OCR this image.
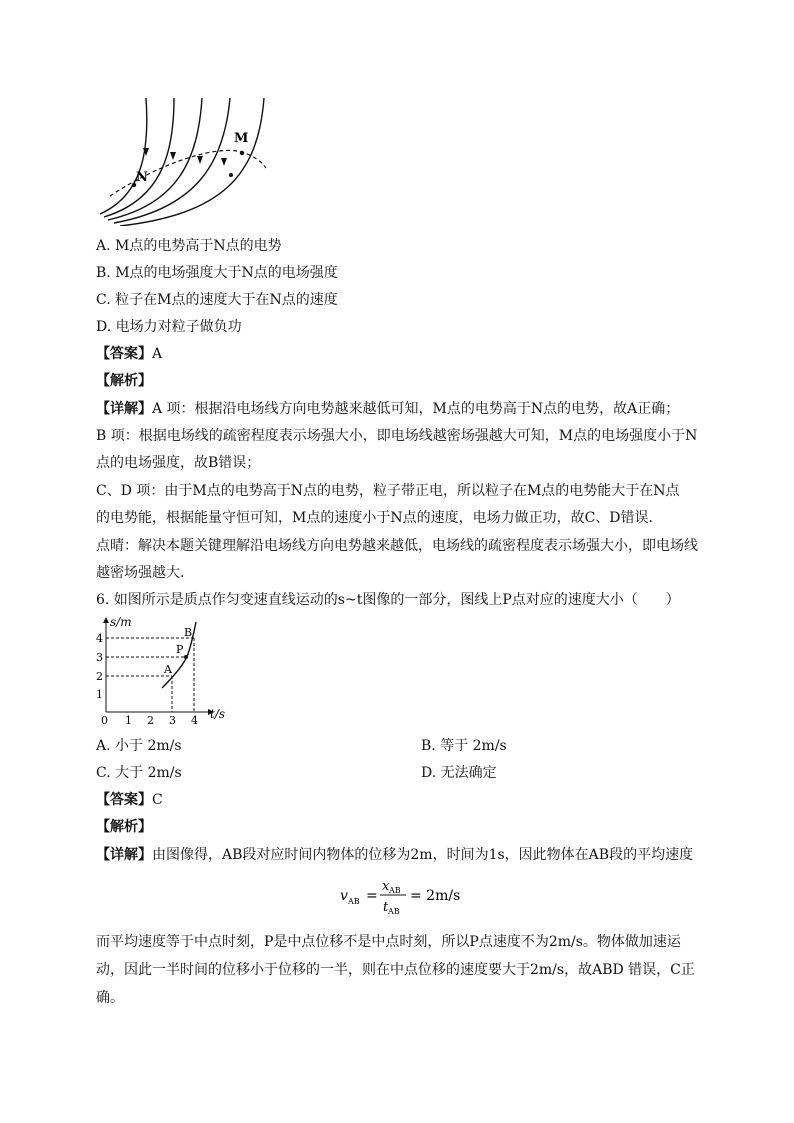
M
N
A. M点的电势高于N点的电势
B. M点的电场强度大于N点的电场强度
C. 粒子在M点的速度大于在N点的速度
D. 电场力对粒子做负功
【答案】A
【解析】
【详解】A 项：根据沿电场线方向电势越来越低可知，M点的电势高于N点的电势，故A正确；
B 项：根据电场线的疏密程度表示场强大小，即电场线越密场强越大可知，M点的电场强度小于N
点的电场强度，故B错误；
C、D 项：由于M点的电势高于N点的电势，粒子带正电，所以粒子在M点的电势能大于在N点
的电势能，根据能量守恒可知，M点的速度小于N点的速度，电场力做正功，故C、D错误．
点晴：解决本题关键理解沿电场线方向电势越来越低，电场线的疏密程度表示场强大小，即电场线
越密场强越大.
6. 如图所示是质点作匀变速直线运动的s~t图像的一部分，图线上P点对应的速度大小（　　）
s/m
t/s
0
1
2
3
4
1 2 3 4
A
B
P
A. 小于 2m/s	B. 等于 2m/s
C. 大于 2m/s	D. 无法确定
【答案】C
【解析】
【详解】由图像得，AB段对应时间内物体的位移为2m，时间为1s，因此物体在AB段的平均速度
v AB =
x AB
t AB
= 2m/s
而平均速度等于中点时刻，P是中点位移不是中点时刻，所以P点速度不为2m/s。物体做加速运
动，因此一半时间的位移小于位移的一半，则在中点位移的速度要大于2m/s，故ABD 错误，C正
确。
